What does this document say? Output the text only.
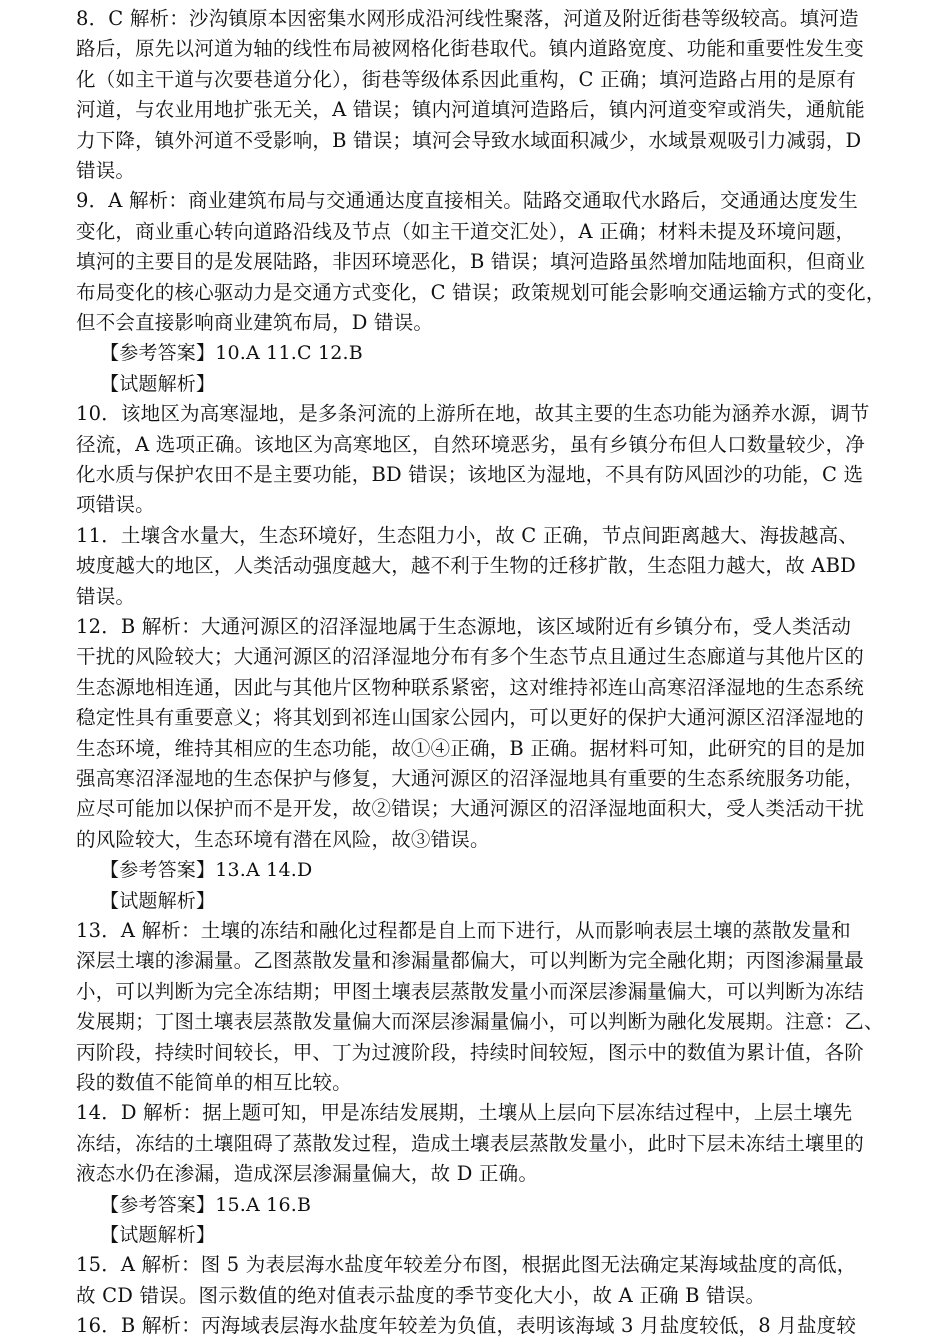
8．C 解析：沙沟镇原本因密集水网形成沿河线性聚落，河道及附近街巷等级较高。填河造
路后，原先以河道为轴的线性布局被网格化街巷取代。镇内道路宽度、功能和重要性发生变
化（如主干道与次要巷道分化），街巷等级体系因此重构，C 正确；填河造路占用的是原有
河道，与农业用地扩张无关，A 错误；镇内河道填河造路后，镇内河道变窄或消失，通航能
力下降，镇外河道不受影响，B 错误；填河会导致水域面积减少，水域景观吸引力减弱，D
错误。
9．A 解析：商业建筑布局与交通通达度直接相关。陆路交通取代水路后，交通通达度发生
变化，商业重心转向道路沿线及节点（如主干道交汇处），A 正确；材料未提及环境问题，
填河的主要目的是发展陆路，非因环境恶化，B 错误；填河造路虽然增加陆地面积，但商业
布局变化的核心驱动力是交通方式变化，C 错误；政策规划可能会影响交通运输方式的变化，
但不会直接影响商业建筑布局，D 错误。
【参考答案】10.A 11.C 12.B
【试题解析】
10．该地区为高寒湿地，是多条河流的上游所在地，故其主要的生态功能为涵养水源，调节
径流，A 选项正确。该地区为高寒地区，自然环境恶劣，虽有乡镇分布但人口数量较少，净
化水质与保护农田不是主要功能，BD 错误；该地区为湿地，不具有防风固沙的功能，C 选
项错误。
11．土壤含水量大，生态环境好，生态阻力小，故 C 正确，节点间距离越大、海拔越高、
坡度越大的地区，人类活动强度越大，越不利于生物的迁移扩散，生态阻力越大，故 ABD
错误。
12．B 解析：大通河源区的沼泽湿地属于生态源地，该区域附近有乡镇分布，受人类活动
干扰的风险较大；大通河源区的沼泽湿地分布有多个生态节点且通过生态廊道与其他片区的
生态源地相连通，因此与其他片区物种联系紧密，这对维持祁连山高寒沼泽湿地的生态系统
稳定性具有重要意义；将其划到祁连山国家公园内，可以更好的保护大通河源区沼泽湿地的
生态环境，维持其相应的生态功能，故①④正确，B 正确。据材料可知，此研究的目的是加
强高寒沼泽湿地的生态保护与修复，大通河源区的沼泽湿地具有重要的生态系统服务功能，
应尽可能加以保护而不是开发，故②错误；大通河源区的沼泽湿地面积大，受人类活动干扰
的风险较大，生态环境有潜在风险，故③错误。
【参考答案】13.A 14.D
【试题解析】
13．A 解析：土壤的冻结和融化过程都是自上而下进行，从而影响表层土壤的蒸散发量和
深层土壤的渗漏量。乙图蒸散发量和渗漏量都偏大，可以判断为完全融化期；丙图渗漏量最
小，可以判断为完全冻结期；甲图土壤表层蒸散发量小而深层渗漏量偏大，可以判断为冻结
发展期；丁图土壤表层蒸散发量偏大而深层渗漏量偏小，可以判断为融化发展期。注意：乙、
丙阶段，持续时间较长，甲、丁为过渡阶段，持续时间较短，图示中的数值为累计值，各阶
段的数值不能简单的相互比较。
14．D 解析：据上题可知，甲是冻结发展期，土壤从上层向下层冻结过程中，上层土壤先
冻结，冻结的土壤阻碍了蒸散发过程，造成土壤表层蒸散发量小，此时下层未冻结土壤里的
液态水仍在渗漏，造成深层渗漏量偏大，故 D 正确。
【参考答案】15.A 16.B
【试题解析】
15．A 解析：图 5 为表层海水盐度年较差分布图，根据此图无法确定某海域盐度的高低，
故 CD 错误。图示数值的绝对值表示盐度的季节变化大小，故 A 正确 B 错误。
16．B 解析：丙海域表层海水盐度年较差为负值，表明该海域 3 月盐度较低，8 月盐度较
